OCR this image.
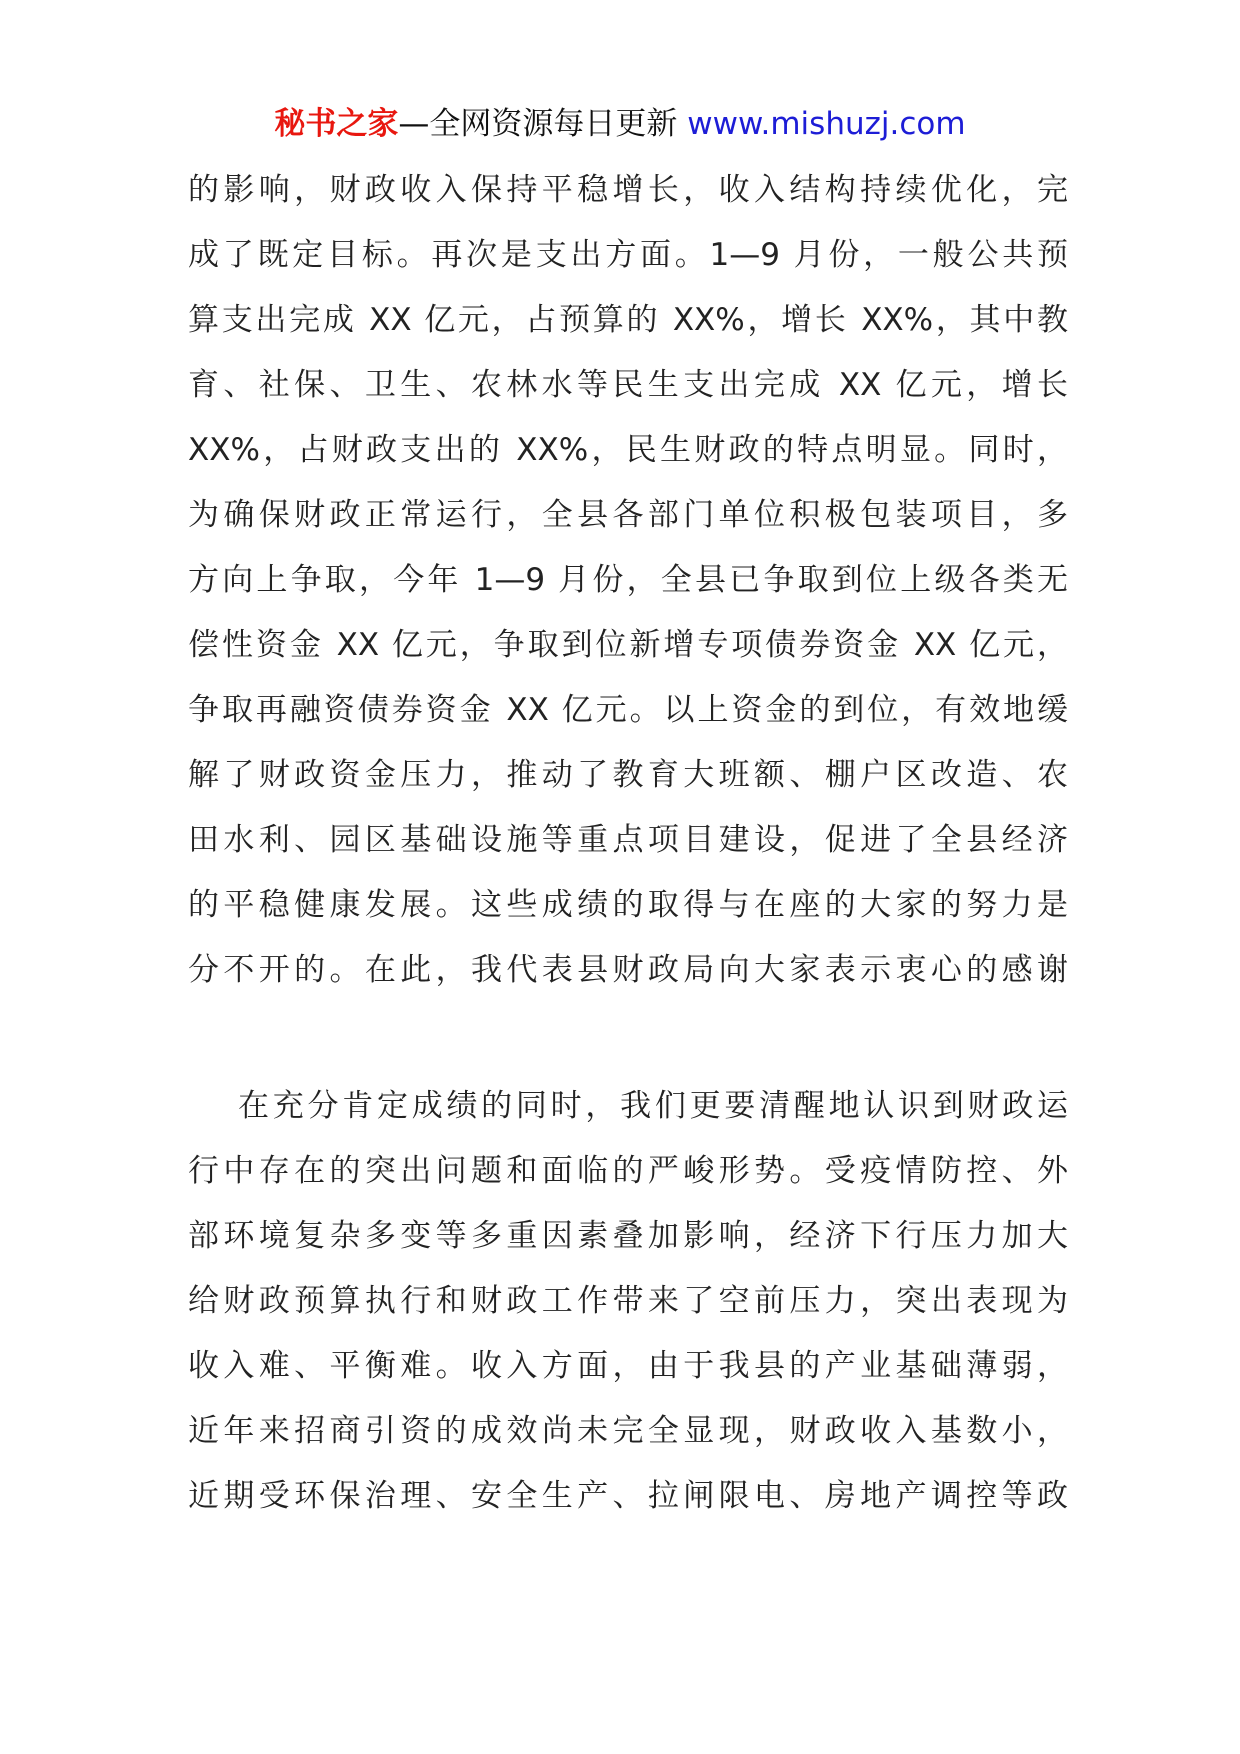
秘书之家—全网资源每日更新 www.mishuzj.com
的影响，财政收入保持平稳增长，收入结构持续优化，完
成了既定目标。再次是支出方面。1—9 月份，一般公共预
算支出完成 XX 亿元，占预算的 XX%，增长 XX%，其中教
育、社保、卫生、农林水等民生支出完成 XX 亿元，增长
XX%，占财政支出的 XX%，民生财政的特点明显。同时，
为确保财政正常运行，全县各部门单位积极包装项目，多
方向上争取，今年 1—9 月份，全县已争取到位上级各类无
偿性资金 XX 亿元，争取到位新增专项债券资金 XX 亿元，
争取再融资债券资金 XX 亿元。以上资金的到位，有效地缓
解了财政资金压力，推动了教育大班额、棚户区改造、农
田水利、园区基础设施等重点项目建设，促进了全县经济
的平稳健康发展。这些成绩的取得与在座的大家的努力是
分不开的。在此，我代表县财政局向大家表示衷心的感谢
在充分肯定成绩的同时，我们更要清醒地认识到财政运
行中存在的突出问题和面临的严峻形势。受疫情防控、外
部环境复杂多变等多重因素叠加影响，经济下行压力加大
给财政预算执行和财政工作带来了空前压力，突出表现为
收入难、平衡难。收入方面，由于我县的产业基础薄弱，
近年来招商引资的成效尚未完全显现，财政收入基数小，
近期受环保治理、安全生产、拉闸限电、房地产调控等政
